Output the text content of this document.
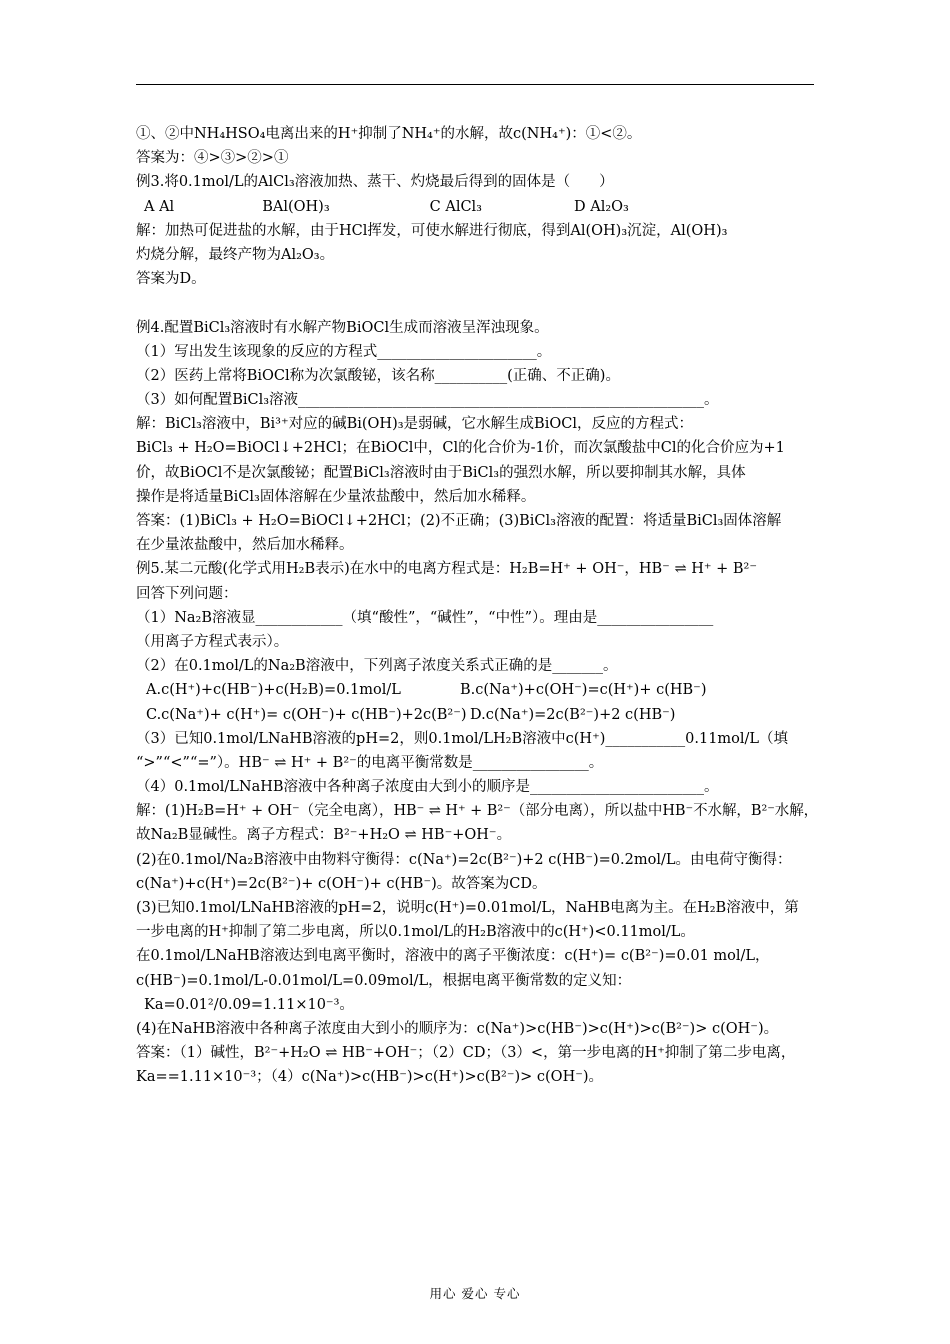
①、②中NH₄HSO₄电离出来的H⁺抑制了NH₄⁺的水解，故c(NH₄⁺)：①<②。
答案为：④>③>②>①
例3.将0.1mol/L的AlCl₃溶液加热、蒸干、灼烧最后得到的固体是（　　）
A Al	BAl(OH)₃	C AlCl₃	D Al₂O₃
解：加热可促进盐的水解，由于HCl挥发，可使水解进行彻底，得到Al(OH)₃沉淀，Al(OH)₃
灼烧分解，最终产物为Al₂O₃。
答案为D。
例4.配置BiCl₃溶液时有水解产物BiOCl生成而溶液呈浑浊现象。
（1）写出发生该现象的反应的方程式______________________。
（2）医药上常将BiOCl称为次氯酸铋，该名称__________(正确、不正确)。
（3）如何配置BiCl₃溶液________________________________________________________。
解：BiCl₃溶液中，Bi³⁺对应的碱Bi(OH)₃是弱碱，它水解生成BiOCl，反应的方程式：
BiCl₃ + H₂O=BiOCl↓+2HCl；在BiOCl中，Cl的化合价为-1价，而次氯酸盐中Cl的化合价应为+1
价，故BiOCl不是次氯酸铋；配置BiCl₃溶液时由于BiCl₃的强烈水解，所以要抑制其水解，具体
操作是将适量BiCl₃固体溶解在少量浓盐酸中，然后加水稀释。
答案：(1)BiCl₃ + H₂O=BiOCl↓+2HCl；(2)不正确；(3)BiCl₃溶液的配置：将适量BiCl₃固体溶解
在少量浓盐酸中，然后加水稀释。
例5.某二元酸(化学式用H₂B表示)在水中的电离方程式是：H₂B=H⁺ + OH⁻，HB⁻ ⇌ H⁺ + B²⁻
回答下列问题：
（1）Na₂B溶液显____________（填“酸性”，“碱性”，“中性”）。理由是________________
（用离子方程式表示）。
（2）在0.1mol/L的Na₂B溶液中，下列离子浓度关系式正确的是_______。
A.c(H⁺)+c(HB⁻)+c(H₂B)=0.1mol/L	B.c(Na⁺)+c(OH⁻)=c(H⁺)+ c(HB⁻)
C.c(Na⁺)+ c(H⁺)= c(OH⁻)+ c(HB⁻)+2c(B²⁻) D.c(Na⁺)=2c(B²⁻)+2 c(HB⁻)
（3）已知0.1mol/LNaHB溶液的pH=2，则0.1mol/LH₂B溶液中c(H⁺)___________0.11mol/L（填
“>”“<”“=”）。HB⁻ ⇌ H⁺ + B²⁻的电离平衡常数是________________。
（4）0.1mol/LNaHB溶液中各种离子浓度由大到小的顺序是________________________。
解：(1)H₂B=H⁺ + OH⁻（完全电离），HB⁻ ⇌ H⁺ + B²⁻（部分电离），所以盐中HB⁻不水解，B²⁻水解，
故Na₂B显碱性。离子方程式：B²⁻+H₂O ⇌ HB⁻+OH⁻。
(2)在0.1mol/Na₂B溶液中由物料守衡得：c(Na⁺)=2c(B²⁻)+2 c(HB⁻)=0.2mol/L。由电荷守衡得：
c(Na⁺)+c(H⁺)=2c(B²⁻)+ c(OH⁻)+ c(HB⁻)。故答案为CD。
(3)已知0.1mol/LNaHB溶液的pH=2，说明c(H⁺)=0.01mol/L，NaHB电离为主。在H₂B溶液中，第
一步电离的H⁺抑制了第二步电离，所以0.1mol/L的H₂B溶液中的c(H⁺)<0.11mol/L。
在0.1mol/LNaHB溶液达到电离平衡时，溶液中的离子平衡浓度：c(H⁺)= c(B²⁻)=0.01 mol/L，
c(HB⁻)=0.1mol/L-0.01mol/L=0.09mol/L，根据电离平衡常数的定义知：
Ka=0.01²/0.09=1.11×10⁻³。
(4)在NaHB溶液中各种离子浓度由大到小的顺序为：c(Na⁺)>c(HB⁻)>c(H⁺)>c(B²⁻)> c(OH⁻)。
答案：（1）碱性，B²⁻+H₂O ⇌ HB⁻+OH⁻；（2）CD；（3）<，第一步电离的H⁺抑制了第二步电离，
Ka==1.11×10⁻³；（4）c(Na⁺)>c(HB⁻)>c(H⁺)>c(B²⁻)> c(OH⁻)。
用心 爱心 专心
